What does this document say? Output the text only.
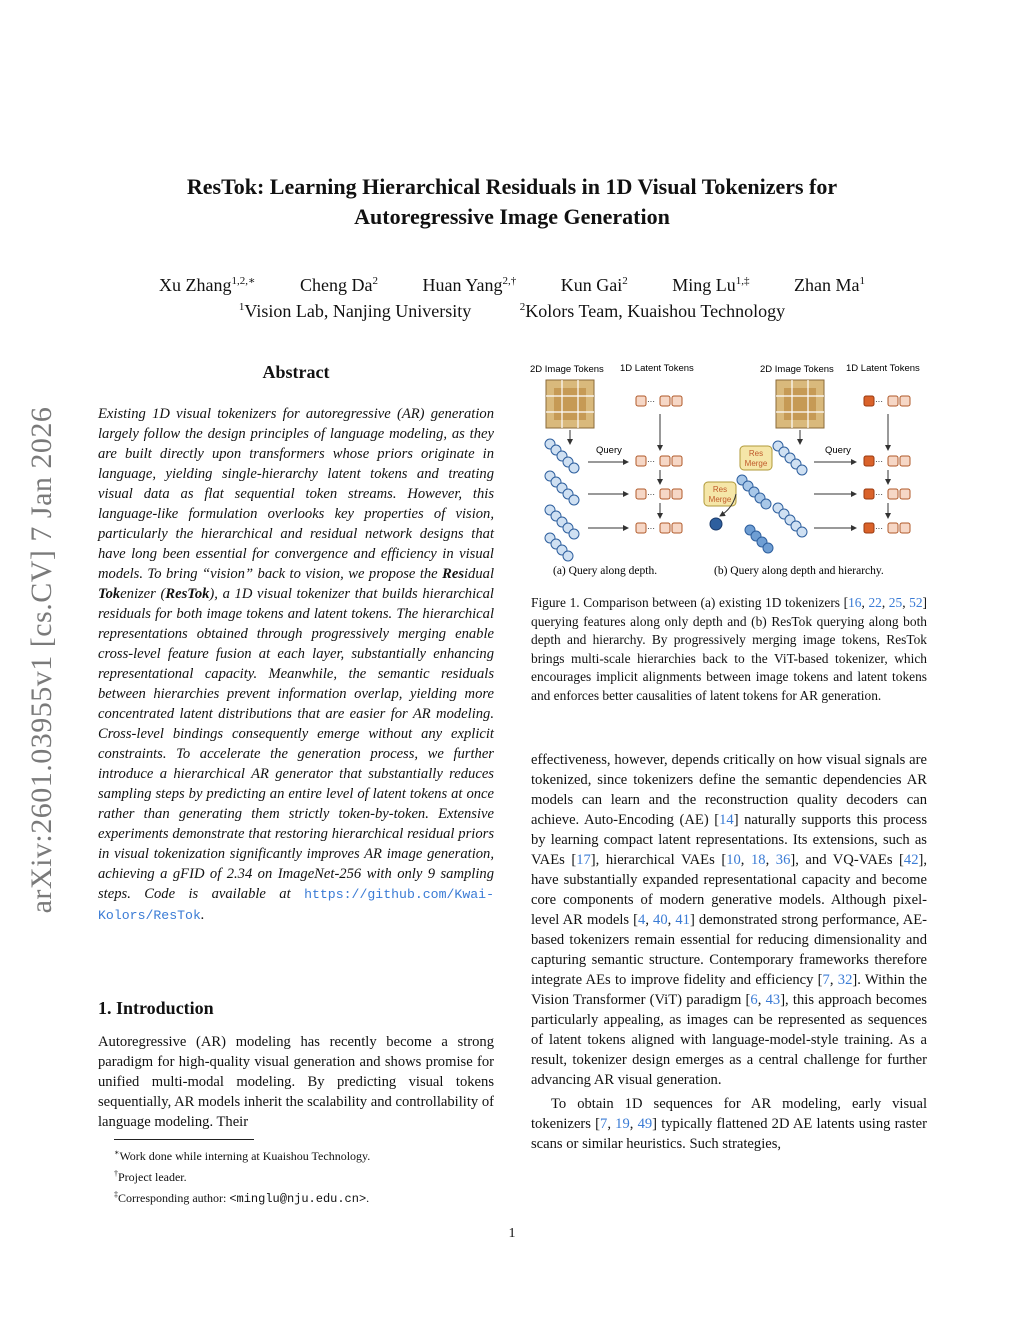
arXiv:2601.03955v1 [cs.CV] 7 Jan 2026
ResTok: Learning Hierarchical Residuals in 1D Visual Tokenizers for
Autoregressive Image Generation
Xu Zhang$^{1,2,∗}$ Cheng Da$^2$ Huan Yang$^{2,\dagger}$ Kun Gai$^2$ Ming $Lu^{1,\ddagger}$ Zhan Ma$^1$
$^1$Vision Lab, Nanjing University	$^2$Kolors Team, Kuaishou Technology
Abstract
Existing 1D visual tokenizers for autoregressive (AR) generation largely follow the design principles of language modeling, as they are built directly upon transformers whose priors originate in language, yielding single-hierarchy latent tokens and treating visual data as flat sequential token streams. However, this language-like formulation overlooks key properties of vision, particularly the hierarchical and residual network designs that have long been essential for convergence and efficiency in visual models. To bring “vision” back to vision, we propose the Residual Tokenizer (ResTok), a 1D visual tokenizer that builds hierarchical residuals for both image tokens and latent tokens. The hierarchical representations obtained through progressively merging enable cross-level feature fusion at each layer, substantially enhancing representational capacity. Meanwhile, the semantic residuals between hierarchies prevent information overlap, yielding more concentrated latent distributions that are easier for AR modeling. Cross-level bindings consequently emerge without any explicit constraints. To accelerate the generation process, we further introduce a hierarchical AR generator that substantially reduces sampling steps by predicting an entire level of latent tokens at once rather than generating them strictly token-by-token. Extensive experiments demonstrate that restoring hierarchical residual priors in visual tokenization significantly improves AR image generation, achieving a gFID of 2.34 on ImageNet-256 with only 9 sampling steps. Code is available at https://github.com/Kwai-Kolors/ResTok.
1. Introduction
Autoregressive (AR) modeling has recently become a strong paradigm for high-quality visual generation and shows promise for unified multi-modal modeling. By predicting visual tokens sequentially, AR models inherit the scalability and controllability of language modeling. Their
∗Work done while interning at Kuaishou Technology.
†Project leader.
‡Corresponding author: <minglu@nju.edu.cn>.
2D Image Tokens 1D Latent Tokens
Query
···
···
···
···
(a) Query along depth.
2D Image Tokens 1D Latent Tokens
Res
Merge
Res
Merge
Query
···
···
···
···
(b) Query along depth and hierarchy.
Figure 1. Comparison between (a) existing 1D tokenizers [16, 22, 25, 52] querying features along only depth and (b) ResTok querying along both depth and hierarchy. By progressively merging image tokens, ResTok brings multi-scale hierarchies back to the ViT-based tokenizer, which encourages implicit alignments between image tokens and latent tokens and enforces better causalities of latent tokens for AR generation.

effectiveness, however, depends critically on how visual signals are tokenized, since tokenizers define the semantic dependencies AR models can learn and the reconstruction quality decoders can achieve. Auto-Encoding (AE) [14] naturally supports this process by learning compact latent representations. Its extensions, such as VAEs [17], hierarchical VAEs [10, 18, 36], and VQ-VAEs [42], have substantially expanded representational capacity and become core components of modern generative models. Although pixel-level AR models [4, 40, 41] demonstrated strong performance, AE-based tokenizers remain essential for reducing dimensionality and capturing semantic structure. Contemporary frameworks therefore integrate AEs to improve fidelity and efficiency [7, 32]. Within the Vision Transformer (ViT) paradigm [6, 43], this approach becomes particularly appealing, as images can be represented as sequences of latent tokens aligned with language-model-style training. As a result, tokenizer design emerges as a central challenge for further advancing AR visual generation.

To obtain 1D sequences for AR modeling, early visual tokenizers [7, 19, 49] typically flattened 2D AE latents using raster scans or similar heuristics. Such strategies,

1
